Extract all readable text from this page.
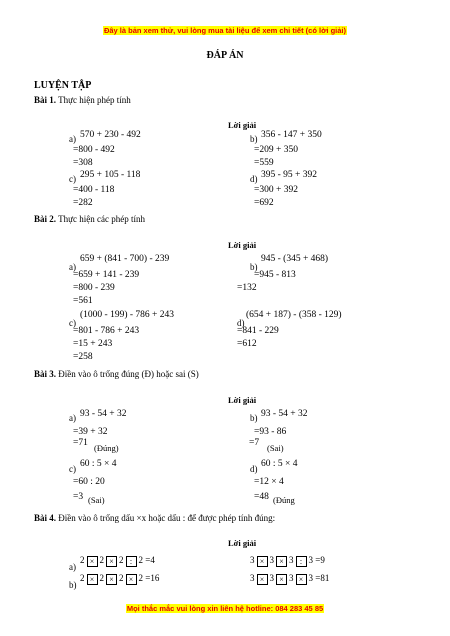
Đây là bản xem thử, vui lòng mua tài liệu để xem chi tiết (có lời giải)
Mọi thắc mắc vui lòng xin liên hệ hotline: 084 283 45 85
ĐÁP ÁN
LUYỆN TẬP
Bài 1. Thực hiện phép tính
Lời giải
a) 570 + 230 - 492
=800 - 492
=308
b) 356 - 147 + 350
=209 + 350
=559
c) 295 + 105 - 118
=400 - 118
=282
d) 395 - 95 + 392
=300 + 392
=692
Bài 2. Thực hiện các phép tính
Lời giải
a)
659 + (841 - 700) - 239
=659 + 141 - 239
=800 - 239
=561
b)
945 - (345 + 468)
=945 - 813
=132
c)
(1000 - 199) - 786 + 243
=801 - 786 + 243
=15 + 243
=258
d)
(654 + 187) - (358 - 129)
=841 - 229
=612
Bài 3. Điền vào ô trống đúng (Đ) hoặc sai (S)
Lời giải
a) 93 - 54 + 32
=39 + 32
=71 (Đúng)
b) 93 - 54 + 32
=93 - 86
=7 (Sai)
c) 60 : 5 × 4
=60 : 20
=3 (Sai)
d) 60 : 5 × 4
=12 × 4
=48 (Đúng
Bài 4. Điền vào ô trống dấu ×x hoặc dấu : để được phép tính đúng:
Lời giải
a)
2 × 2 × 2 : 2 =4
b)
2 × 2 × 2 × 2 =16
3 × 3 × 3 : 3 =9
3 × 3 × 3 × 3 =81
